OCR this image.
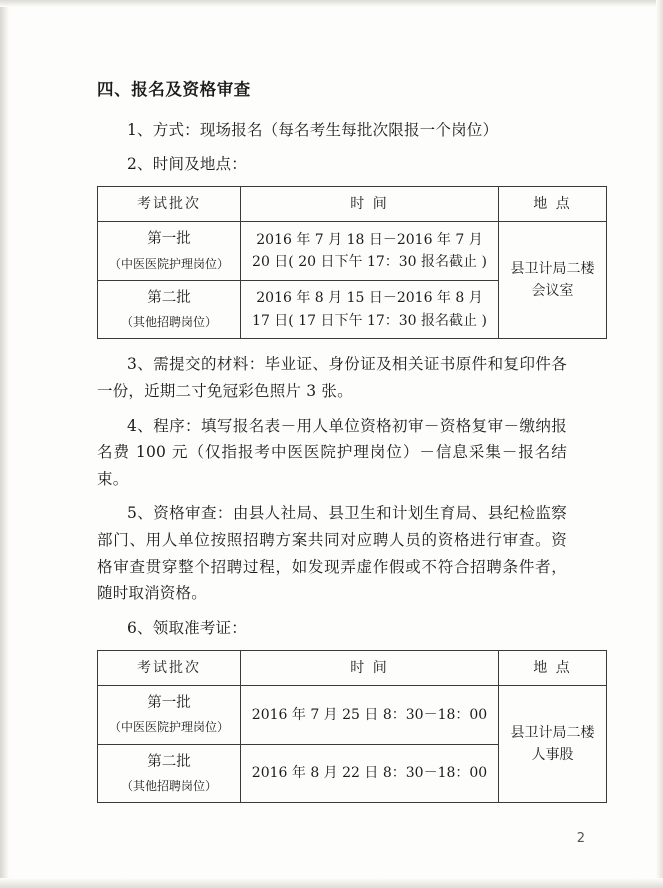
四、报名及资格审查

1、方式：现场报名（每名考生每批次限报一个岗位）

2、时间及地点：

考试批次	时 间	地 点

第一批
（中医医院护理岗位）	2016 年 7 月 18 日－2016 年 7 月 20 日( 20 日下午 17：30 报名截止 )	县卫计局二楼会议室

第二批
（其他招聘岗位）	2016 年 8 月 15 日－2016 年 8 月 17 日( 17 日下午 17：30 报名截止 )	

3、需提交的材料：毕业证、身份证及相关证书原件和复印件各一份，近期二寸免冠彩色照片 3 张。

4、程序：填写报名表－用人单位资格初审－资格复审－缴纳报名费 100 元（仅指报考中医医院护理岗位）－信息采集－报名结束。

5、资格审查：由县人社局、县卫生和计划生育局、县纪检监察部门、用人单位按照招聘方案共同对应聘人员的资格进行审查。资格审查贯穿整个招聘过程，如发现弄虚作假或不符合招聘条件者，随时取消资格。

6、领取准考证：

考试批次	时 间	地 点

第一批
（中医医院护理岗位）	2016 年 7 月 25 日 8：30－18：00	县卫计局二楼人事股

第二批
（其他招聘岗位）	2016 年 8 月 22 日 8：30－18：00	
2
